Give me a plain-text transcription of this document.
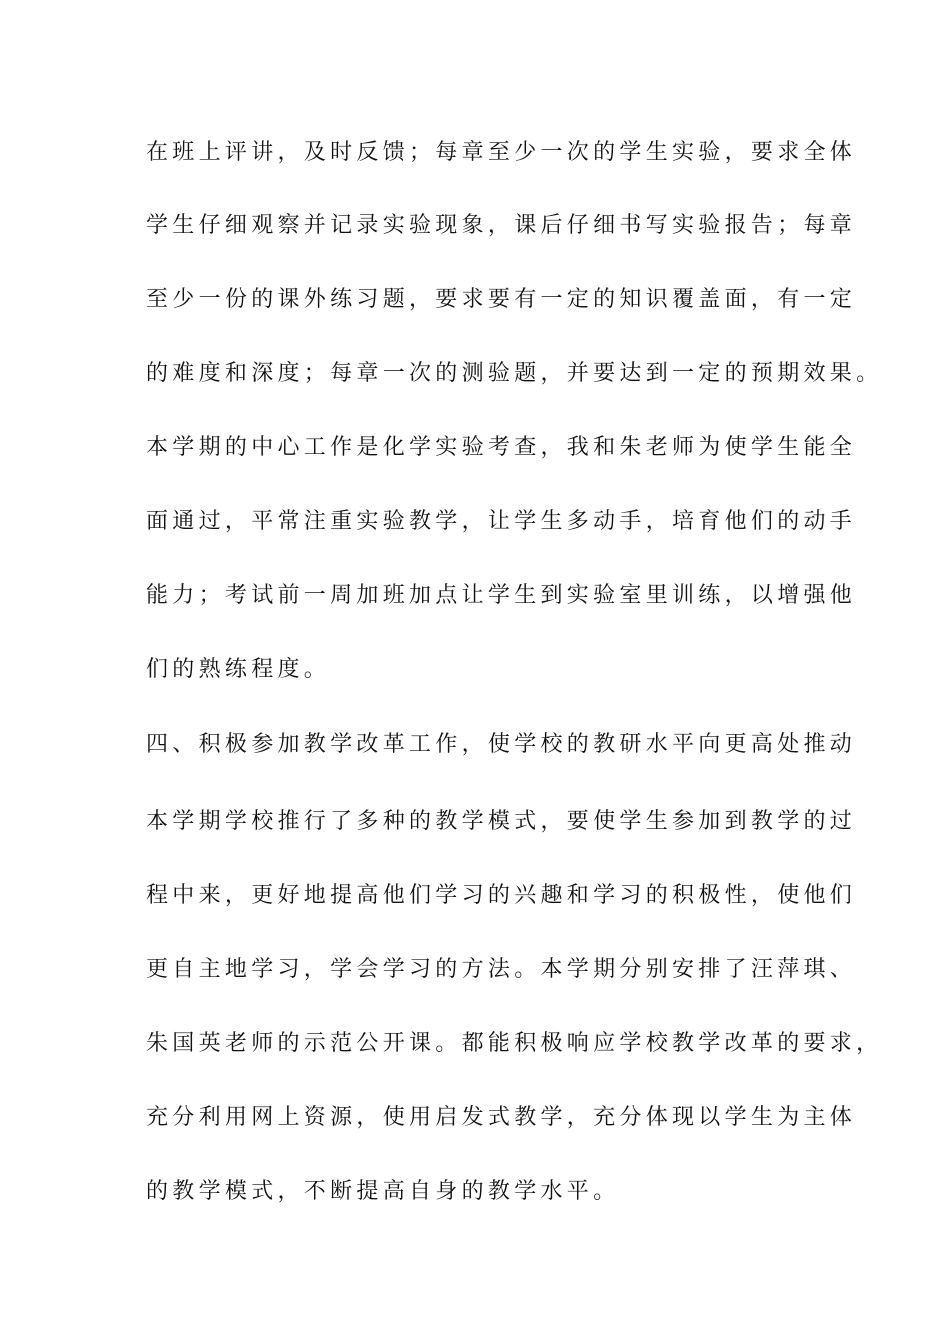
在班上评讲，及时反馈；每章至少一次的学生实验，要求全体
学生仔细观察并记录实验现象，课后仔细书写实验报告；每章
至少一份的课外练习题，要求要有一定的知识覆盖面，有一定
的难度和深度；每章一次的测验题，并要达到一定的预期效果。
本学期的中心工作是化学实验考查，我和朱老师为使学生能全
面通过，平常注重实验教学，让学生多动手，培育他们的动手
能力；考试前一周加班加点让学生到实验室里训练，以增强他
们的熟练程度。
四、积极参加教学改革工作，使学校的教研水平向更高处推动
本学期学校推行了多种的教学模式，要使学生参加到教学的过
程中来，更好地提高他们学习的兴趣和学习的积极性，使他们
更自主地学习，学会学习的方法。本学期分别安排了汪萍琪、
朱国英老师的示范公开课。都能积极响应学校教学改革的要求，
充分利用网上资源，使用启发式教学，充分体现以学生为主体
的教学模式，不断提高自身的教学水平。
